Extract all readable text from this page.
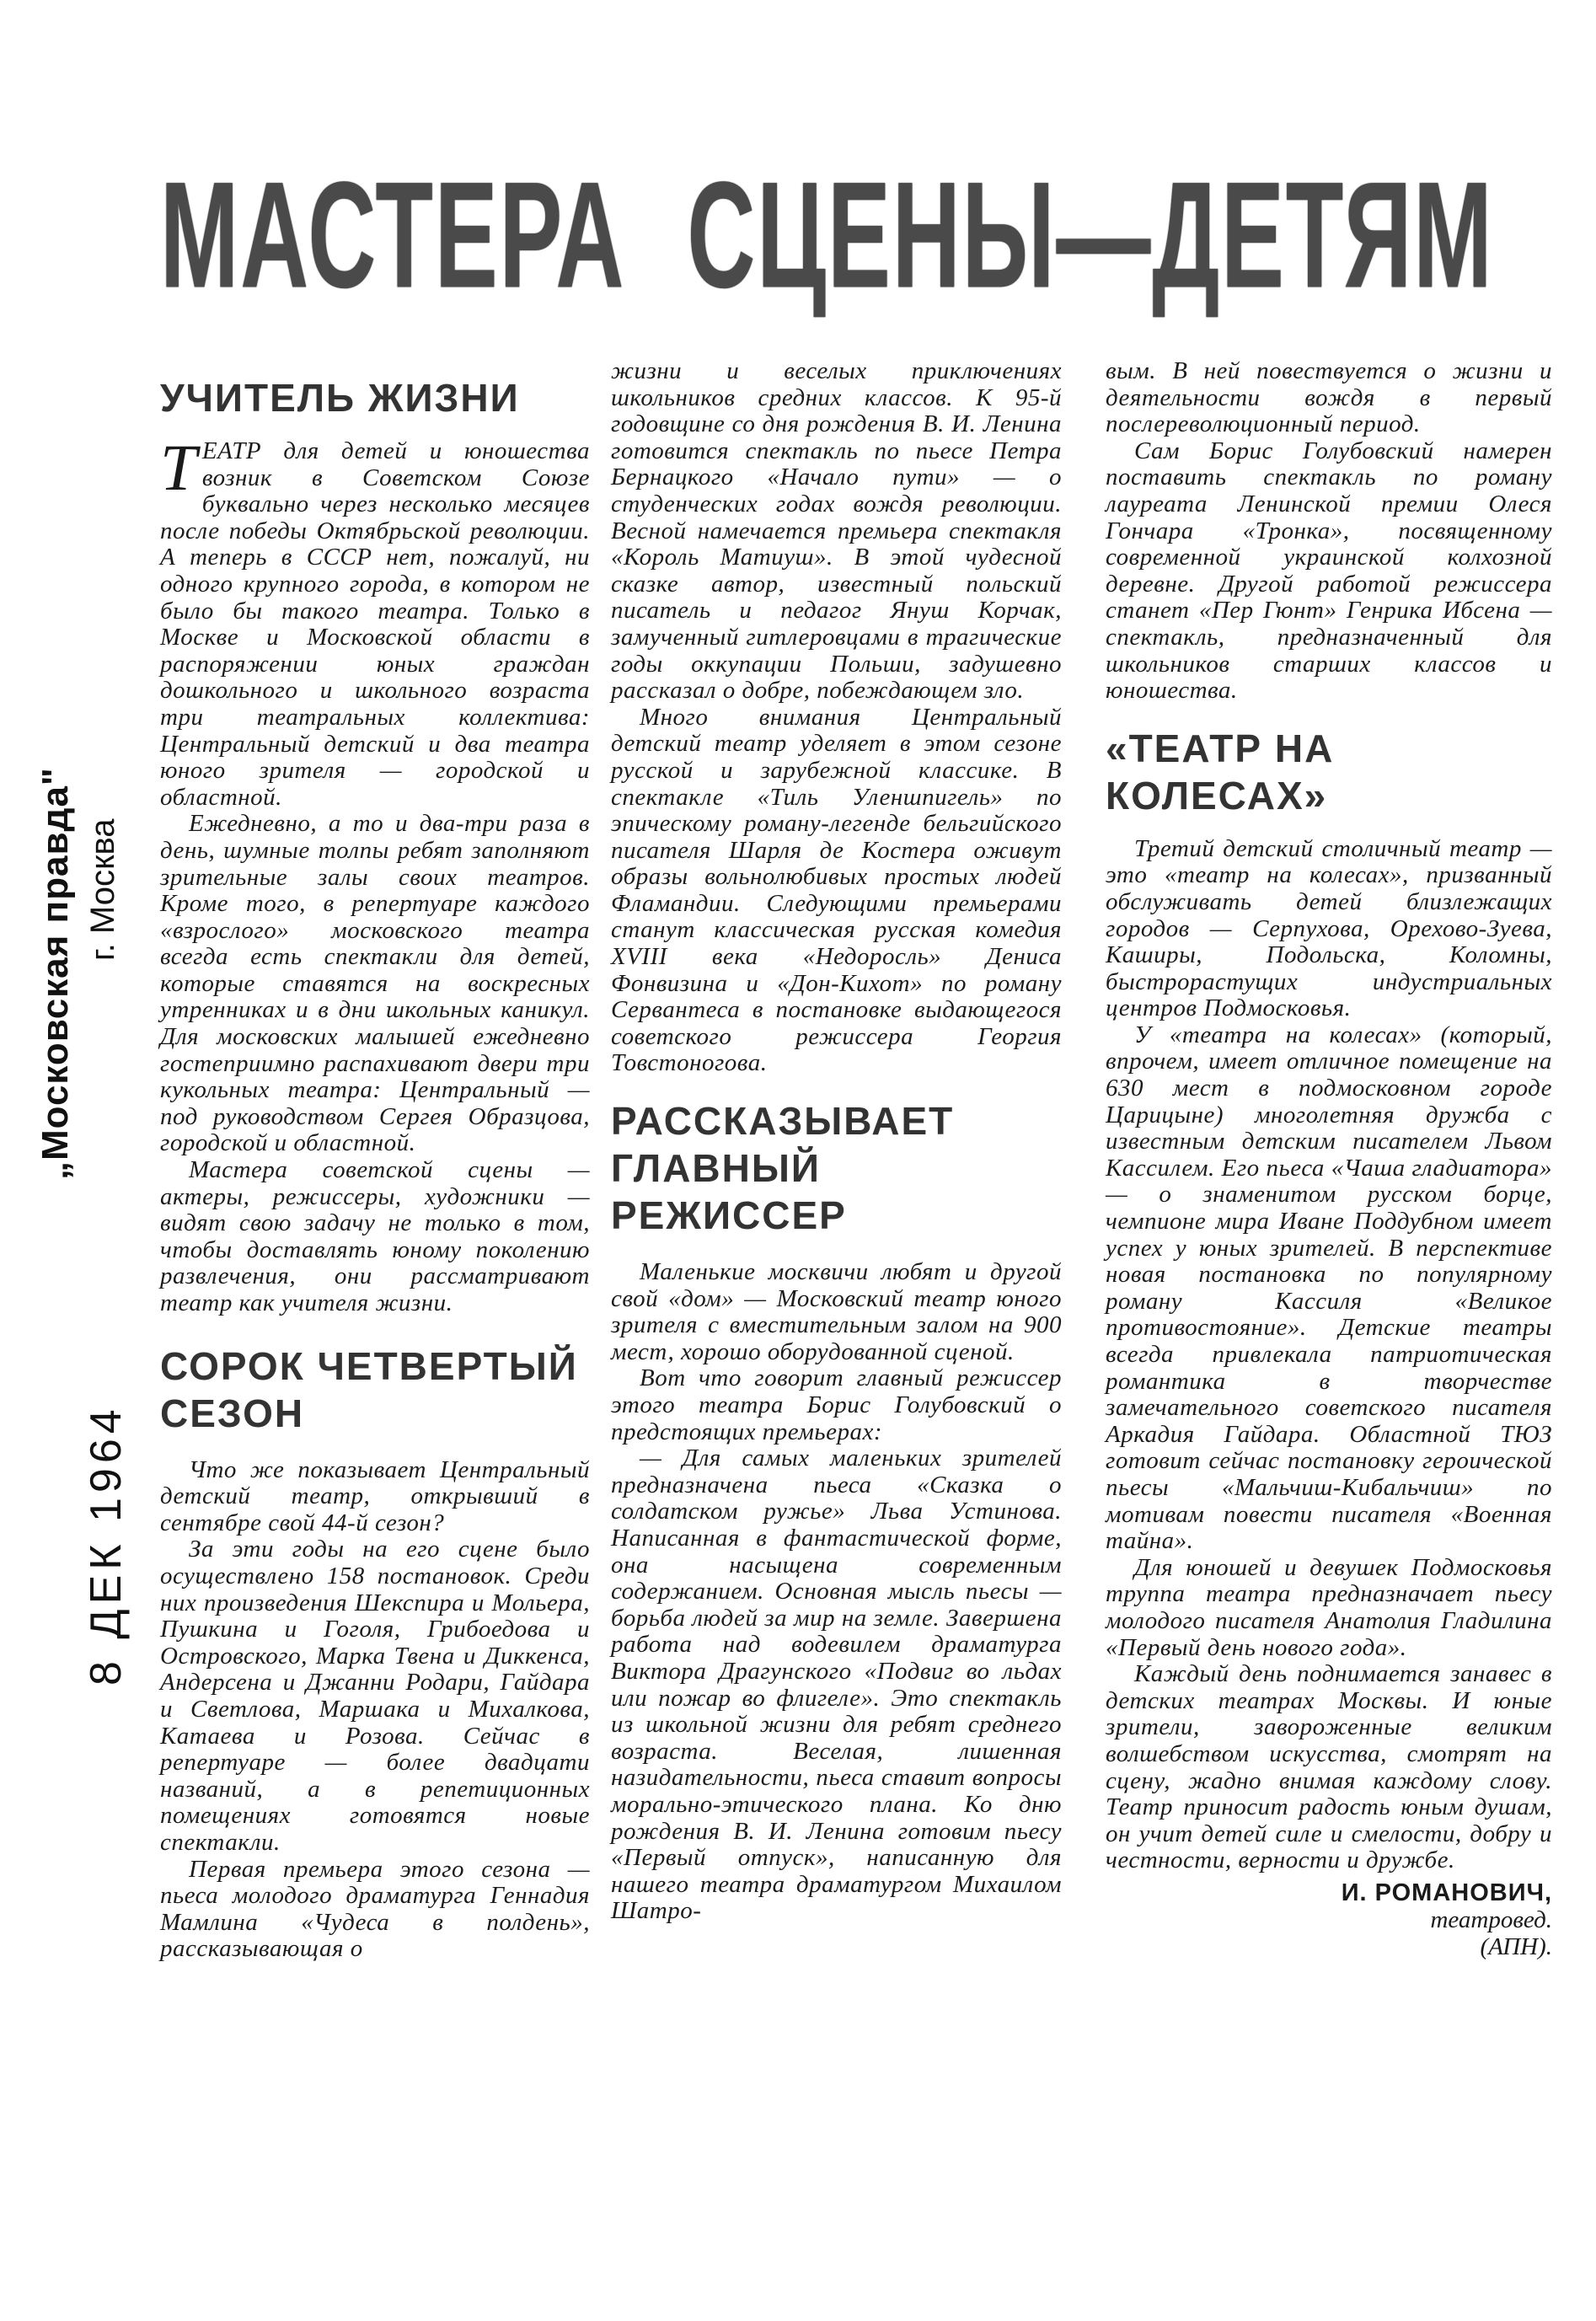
МАСТЕРА СЦЕНЫ—ДЕТЯМ
„Московская правда" г. Москва
8 ДЕК 1964
УЧИТЕЛЬ ЖИЗНИ

ТЕАТР для детей и юношества возник в Советском Союзе буквально через несколько месяцев после победы Октябрьской революции. А теперь в СССР нет, пожалуй, ни одного крупного города, в котором не было бы такого театра. Только в Москве и Московской области в распоряжении юных граждан дошкольного и школьного возраста три театральных коллектива: Центральный детский и два театра юного зрителя — городской и областной.

Ежедневно, а то и два-три раза в день, шумные толпы ребят заполняют зрительные залы своих театров. Кроме того, в репертуаре каждого «взрослого» московского театра всегда есть спектакли для детей, которые ставятся на воскресных утренниках и в дни школьных каникул. Для московских малышей ежедневно гостеприимно распахивают двери три кукольных театра: Центральный — под руководством Сергея Образцова, городской и областной.

Мастера советской сцены — актеры, режиссеры, художники — видят свою задачу не только в том, чтобы доставлять юному поколению развлечения, они рассматривают театр как учителя жизни.

СОРОК ЧЕТВЕРТЫЙ СЕЗОН

Что же показывает Центральный детский театр, открывший в сентябре свой 44-й сезон?

За эти годы на его сцене было осуществлено 158 постановок. Среди них произведения Шекспира и Мольера, Пушкина и Гоголя, Грибоедова и Островского, Марка Твена и Диккенса, Андерсена и Джанни Родари, Гайдара и Светлова, Маршака и Михалкова, Катаева и Розова. Сейчас в репертуаре — более двадцати названий, а в репетиционных помещениях готовятся новые спектакли.

Первая премьера этого сезона — пьеса молодого драматурга Геннадия Мамлина «Чудеса в полдень», рассказывающая о

жизни и веселых приключениях школьников средних классов. К 95-й годовщине со дня рождения В. И. Ленина готовится спектакль по пьесе Петра Бернацкого «Начало пути» — о студенческих годах вождя революции. Весной намечается премьера спектакля «Король Матиуш». В этой чудесной сказке автор, известный польский писатель и педагог Януш Корчак, замученный гитлеровцами в трагические годы оккупации Польши, задушевно рассказал о добре, побеждающем зло.

Много внимания Центральный детский театр уделяет в этом сезоне русской и зарубежной классике. В спектакле «Тиль Уленшпигель» по эпическому роману-легенде бельгийского писателя Шарля де Костера оживут образы вольнолюбивых простых людей Фламандии. Следующими премьерами станут классическая русская комедия XVIII века «Недоросль» Дениса Фонвизина и «Дон-Кихот» по роману Сервантеса в постановке выдающегося советского режиссера Георгия Товстоногова.

РАССКАЗЫВАЕТ ГЛАВНЫЙ РЕЖИССЕР

Маленькие москвичи любят и другой свой «дом» — Московский театр юного зрителя с вместительным залом на 900 мест, хорошо оборудованной сценой.

Вот что говорит главный режиссер этого театра Борис Голубовский о предстоящих премьерах:

— Для самых маленьких зрителей предназначена пьеса «Сказка о солдатском ружье» Льва Устинова. Написанная в фантастической форме, она насыщена современным содержанием. Основная мысль пьесы — борьба людей за мир на земле. Завершена работа над водевилем драматурга Виктора Драгунского «Подвиг во льдах или пожар во флигеле». Это спектакль из школьной жизни для ребят среднего возраста. Веселая, лишенная назидательности, пьеса ставит вопросы морально-этического плана. Ко дню рождения В. И. Ленина готовим пьесу «Первый отпуск», написанную для нашего театра драматургом Михаилом Шатро-

вым. В ней повествуется о жизни и деятельности вождя в первый послереволюционный период.

Сам Борис Голубовский намерен поставить спектакль по роману лауреата Ленинской премии Олеся Гончара «Тронка», посвященному современной украинской колхозной деревне. Другой работой режиссера станет «Пер Гюнт» Генрика Ибсена — спектакль, предназначенный для школьников старших классов и юношества.

«ТЕАТР НА КОЛЕСАХ»

Третий детский столичный театр — это «театр на колесах», призванный обслуживать детей близлежащих городов — Серпухова, Орехово-Зуева, Каширы, Подольска, Коломны, быстрорастущих индустриальных центров Подмосковья.

У «театра на колесах» (который, впрочем, имеет отличное помещение на 630 мест в подмосковном городе Царицыне) многолетняя дружба с известным детским писателем Львом Кассилем. Его пьеса «Чаша гладиатора» — о знаменитом русском борце, чемпионе мира Иване Поддубном имеет успех у юных зрителей. В перспективе новая постановка по популярному роману Кассиля «Великое противостояние». Детские театры всегда привлекала патриотическая романтика в творчестве замечательного советского писателя Аркадия Гайдара. Областной ТЮЗ готовит сейчас постановку героической пьесы «Мальчиш-Кибальчиш» по мотивам повести писателя «Военная тайна».

Для юношей и девушек Подмосковья труппа театра предназначает пьесу молодого писателя Анатолия Гладилина «Первый день нового года».

Каждый день поднимается занавес в детских театрах Москвы. И юные зрители, завороженные великим волшебством искусства, смотрят на сцену, жадно внимая каждому слову. Театр приносит радость юным душам, он учит детей силе и смелости, добру и честности, верности и дружбе.

И. РОМАНОВИЧ,
театровед.
(АПН).
